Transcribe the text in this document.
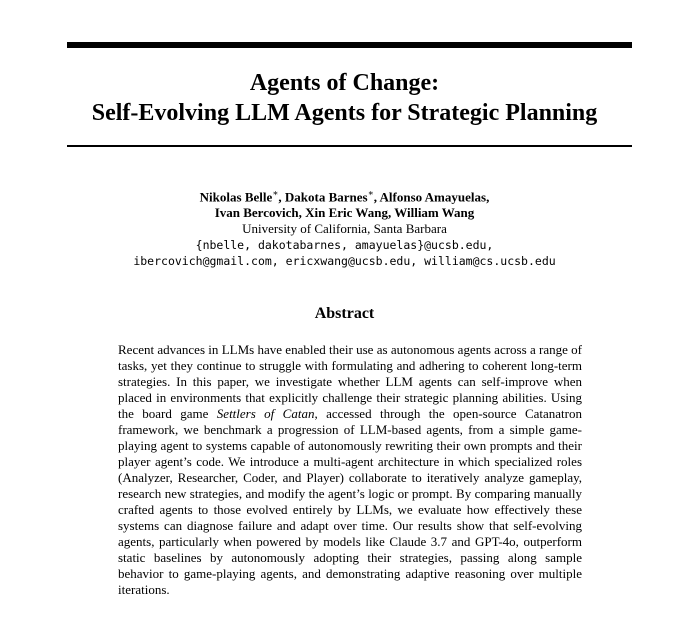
Agents of Change:
Self-Evolving LLM Agents for Strategic Planning
Nikolas Belle∗, Dakota Barnes∗, Alfonso Amayuelas,
Ivan Bercovich, Xin Eric Wang, William Wang
University of California, Santa Barbara
{nbelle, dakotabarnes, amayuelas}@ucsb.edu,
ibercovich@gmail.com, ericxwang@ucsb.edu, william@cs.ucsb.edu
Abstract
Recent advances in LLMs have enabled their use as autonomous agents across a range of tasks, yet they continue to struggle with formulating and adhering to coherent long-term strategies. In this paper, we investigate whether LLM agents can self-improve when placed in environments that explicitly challenge their strategic planning abilities. Using the board game Settlers of Catan, accessed through the open-source Catanatron framework, we benchmark a progression of LLM-based agents, from a simple game-playing agent to systems capable of autonomously rewriting their own prompts and their player agent’s code. We introduce a multi-agent architecture in which specialized roles (Analyzer, Researcher, Coder, and Player) collaborate to iteratively analyze gameplay, research new strategies, and modify the agent’s logic or prompt. By comparing manually crafted agents to those evolved entirely by LLMs, we evaluate how effectively these systems can diagnose failure and adapt over time. Our results show that self-evolving agents, particularly when powered by models like Claude 3.7 and GPT-4o, outperform static baselines by autonomously adopting their strategies, passing along sample behavior to game-playing agents, and demonstrating adaptive reasoning over multiple iterations.
